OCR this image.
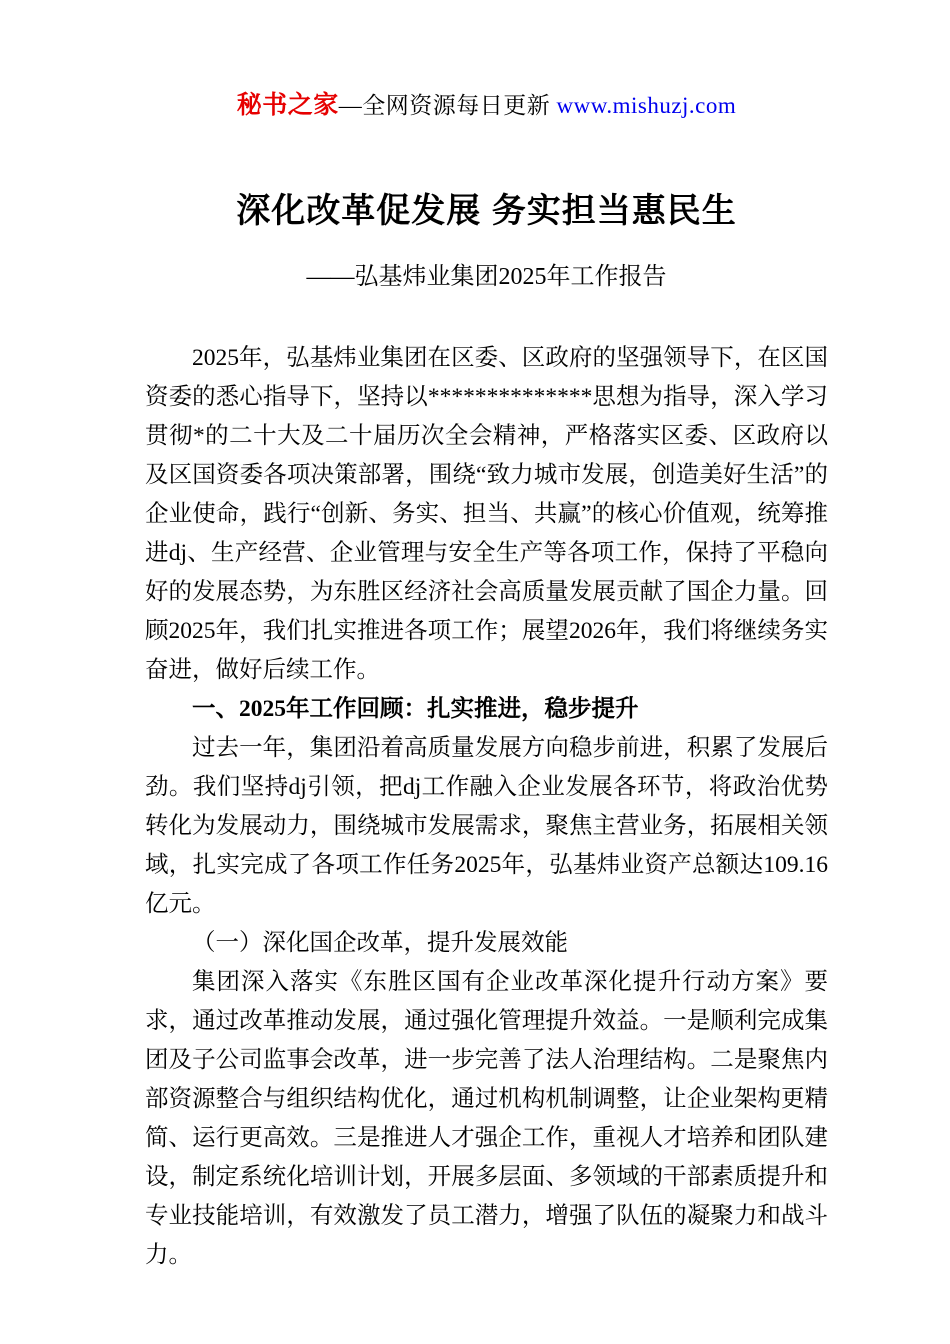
秘书之家—全网资源每日更新 www.mishuzj.com
深化改革促发展 务实担当惠民生
——弘基炜业集团2025年工作报告

2025年，弘基炜业集团在区委、区政府的坚强领导下，在区国资委的悉心指导下，坚持以**************思想为指导，深入学习贯彻*的二十大及二十届历次全会精神，严格落实区委、区政府以及区国资委各项决策部署，围绕“致力城市发展，创造美好生活”的企业使命，践行“创新、务实、担当、共赢”的核心价值观，统筹推进dj、生产经营、企业管理与安全生产等各项工作，保持了平稳向好的发展态势，为东胜区经济社会高质量发展贡献了国企力量。回顾2025年，我们扎实推进各项工作；展望2026年，我们将继续务实奋进，做好后续工作。

一、2025年工作回顾：扎实推进，稳步提升

过去一年，集团沿着高质量发展方向稳步前进，积累了发展后劲。我们坚持dj引领，把dj工作融入企业发展各环节，将政治优势转化为发展动力，围绕城市发展需求，聚焦主营业务，拓展相关领域，扎实完成了各项工作任务2025年，弘基炜业资产总额达109.16亿元。

（一）深化国企改革，提升发展效能

集团深入落实《东胜区国有企业改革深化提升行动方案》要求，通过改革推动发展，通过强化管理提升效益。一是顺利完成集团及子公司监事会改革，进一步完善了法人治理结构。二是聚焦内部资源整合与组织结构优化，通过机构机制调整，让企业架构更精简、运行更高效。三是推进人才强企工作，重视人才培养和团队建设，制定系统化培训计划，开展多层面、多领域的干部素质提升和专业技能培训，有效激发了员工潜力，增强了队伍的凝聚力和战斗力。
